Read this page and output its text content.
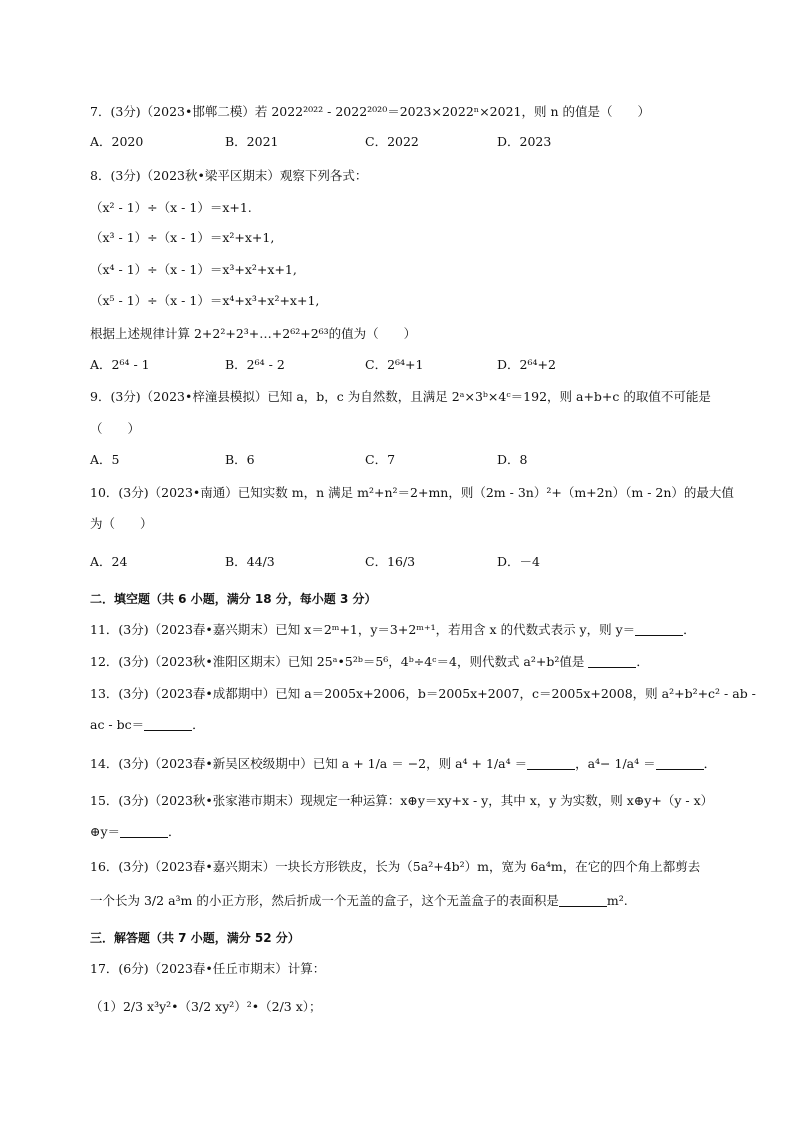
7．(3分)（2023•邯郸二模）若 2022²⁰²² - 2022²⁰²⁰＝2023×2022ⁿ×2021，则 n 的值是（　　）
A．2020	B．2021	C．2022	D．2023
8．(3分)（2023秋•梁平区期末）观察下列各式：
（x² - 1）÷（x - 1）＝x+1.
（x³ - 1）÷（x - 1）＝x²+x+1,
（x⁴ - 1）÷（x - 1）＝x³+x²+x+1,
（x⁵ - 1）÷（x - 1）＝x⁴+x³+x²+x+1,
根据上述规律计算 2+2²+2³+…+2⁶²+2⁶³的值为（　　）
A．2⁶⁴ - 1	B．2⁶⁴ - 2	C．2⁶⁴+1	D．2⁶⁴+2
9．(3分)（2023•梓潼县模拟）已知 a，b，c 为自然数，且满足 2ᵃ×3ᵇ×4ᶜ＝192，则 a+b+c 的取值不可能是
（　　）
A．5	B．6	C．7	D．8
10．(3分)（2023•南通）已知实数 m，n 满足 m²+n²＝2+mn，则（2m - 3n）²+（m+2n）（m - 2n）的最大值
为（　　）
A．24	B．44/3	C．16/3	D．－4
二．填空题（共 6 小题，满分 18 分，每小题 3 分）
11．(3分)（2023春•嘉兴期末）已知 x＝2ᵐ+1，y＝3+2ᵐ⁺¹，若用含 x 的代数式表示 y，则 y＝	．
12．(3分)（2023秋•淮阳区期末）已知 25ᵃ•5²ᵇ＝5⁶，4ᵇ÷4ᶜ＝4，则代数式 a²+b²值是	．
13．(3分)（2023春•成都期中）已知 a＝2005x+2006，b＝2005x+2007，c＝2005x+2008，则 a²+b²+c² - ab -
ac - bc＝	．
14．(3分)（2023春•新吴区校级期中）已知 a + 1/a ＝ −2，则 a⁴ + 1/a⁴ ＝	，a⁴− 1/a⁴ ＝	．
15．(3分)（2023秋•张家港市期末）现规定一种运算：x⊕y＝xy+x - y，其中 x，y 为实数，则 x⊕y+（y - x）
⊕y＝	．
16．(3分)（2023春•嘉兴期末）一块长方形铁皮，长为（5a²+4b²）m，宽为 6a⁴m，在它的四个角上都剪去
一个长为 3/2 a³m 的小正方形，然后折成一个无盖的盒子，这个无盖盒子的表面积是	m².
三．解答题（共 7 小题，满分 52 分）
17．(6分)（2023春•任丘市期末）计算：
（1）2/3 x³y²•（3/2 xy²）²•（2/3 x）；
